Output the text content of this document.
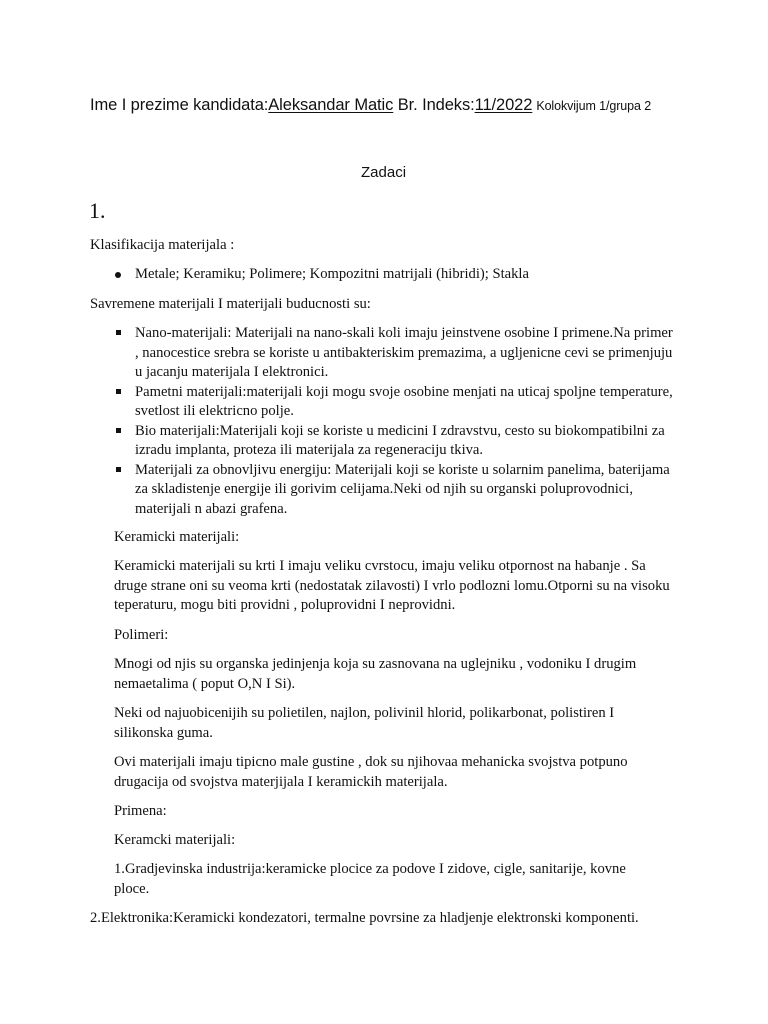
Ime I prezime kandidata:Aleksandar Matic Br. Indeks:11/2022 Kolokvijum 1/grupa 2
Zadaci
1.

Klasifikacija materijala :

Metale; Keramiku; Polimere; Kompozitni matrijali (hibridi); Stakla

Savremene materijali I materijali buducnosti su:

Nano-materijali: Materijali na nano-skali koli imaju jeinstvene osobine I primene.Na primer , nanocestice srebra se koriste u antibakteriskim premazima, a ugljenicne cevi se primenjuju u jacanju materijala I elektronici.
Pametni materijali:materijali koji mogu svoje osobine menjati na uticaj spoljne temperature, svetlost ili elektricno polje.
Bio materijali:Materijali koji se koriste u medicini I zdravstvu, cesto su biokompatibilni za izradu implanta, proteza ili materijala za regeneraciju tkiva.
Materijali za obnovljivu energiju: Materijali koji se koriste u solarnim panelima, baterijama za skladistenje energije ili gorivim celijama.Neki od njih su organski poluprovodnici, materijali n abazi grafena.

Keramicki materijali:

Keramicki materijali su krti I imaju veliku cvrstocu, imaju veliku otpornost na habanje . Sa druge strane oni su veoma krti (nedostatak zilavosti) I vrlo podlozni lomu.Otporni su na visoku teperaturu, mogu biti providni , poluprovidni I neprovidni.

Polimeri:

Mnogi od njis su organska jedinjenja koja su zasnovana na uglejniku , vodoniku I drugim nemaetalima ( poput O,N I Si).

Neki od najuobicenijih su polietilen, najlon, polivinil hlorid, polikarbonat, polistiren I silikonska guma.

Ovi materijali imaju tipicno male gustine , dok su njihovaa mehanicka svojstva potpuno drugacija od svojstva materjijala I keramickih materijala.

Primena:

Keramcki materijali:

1.Gradjevinska industrija:keramicke plocice za podove I zidove, cigle, sanitarije, kovne ploce.

2.Elektronika:Keramicki kondezatori, termalne povrsine za hladjenje elektronski komponenti.
